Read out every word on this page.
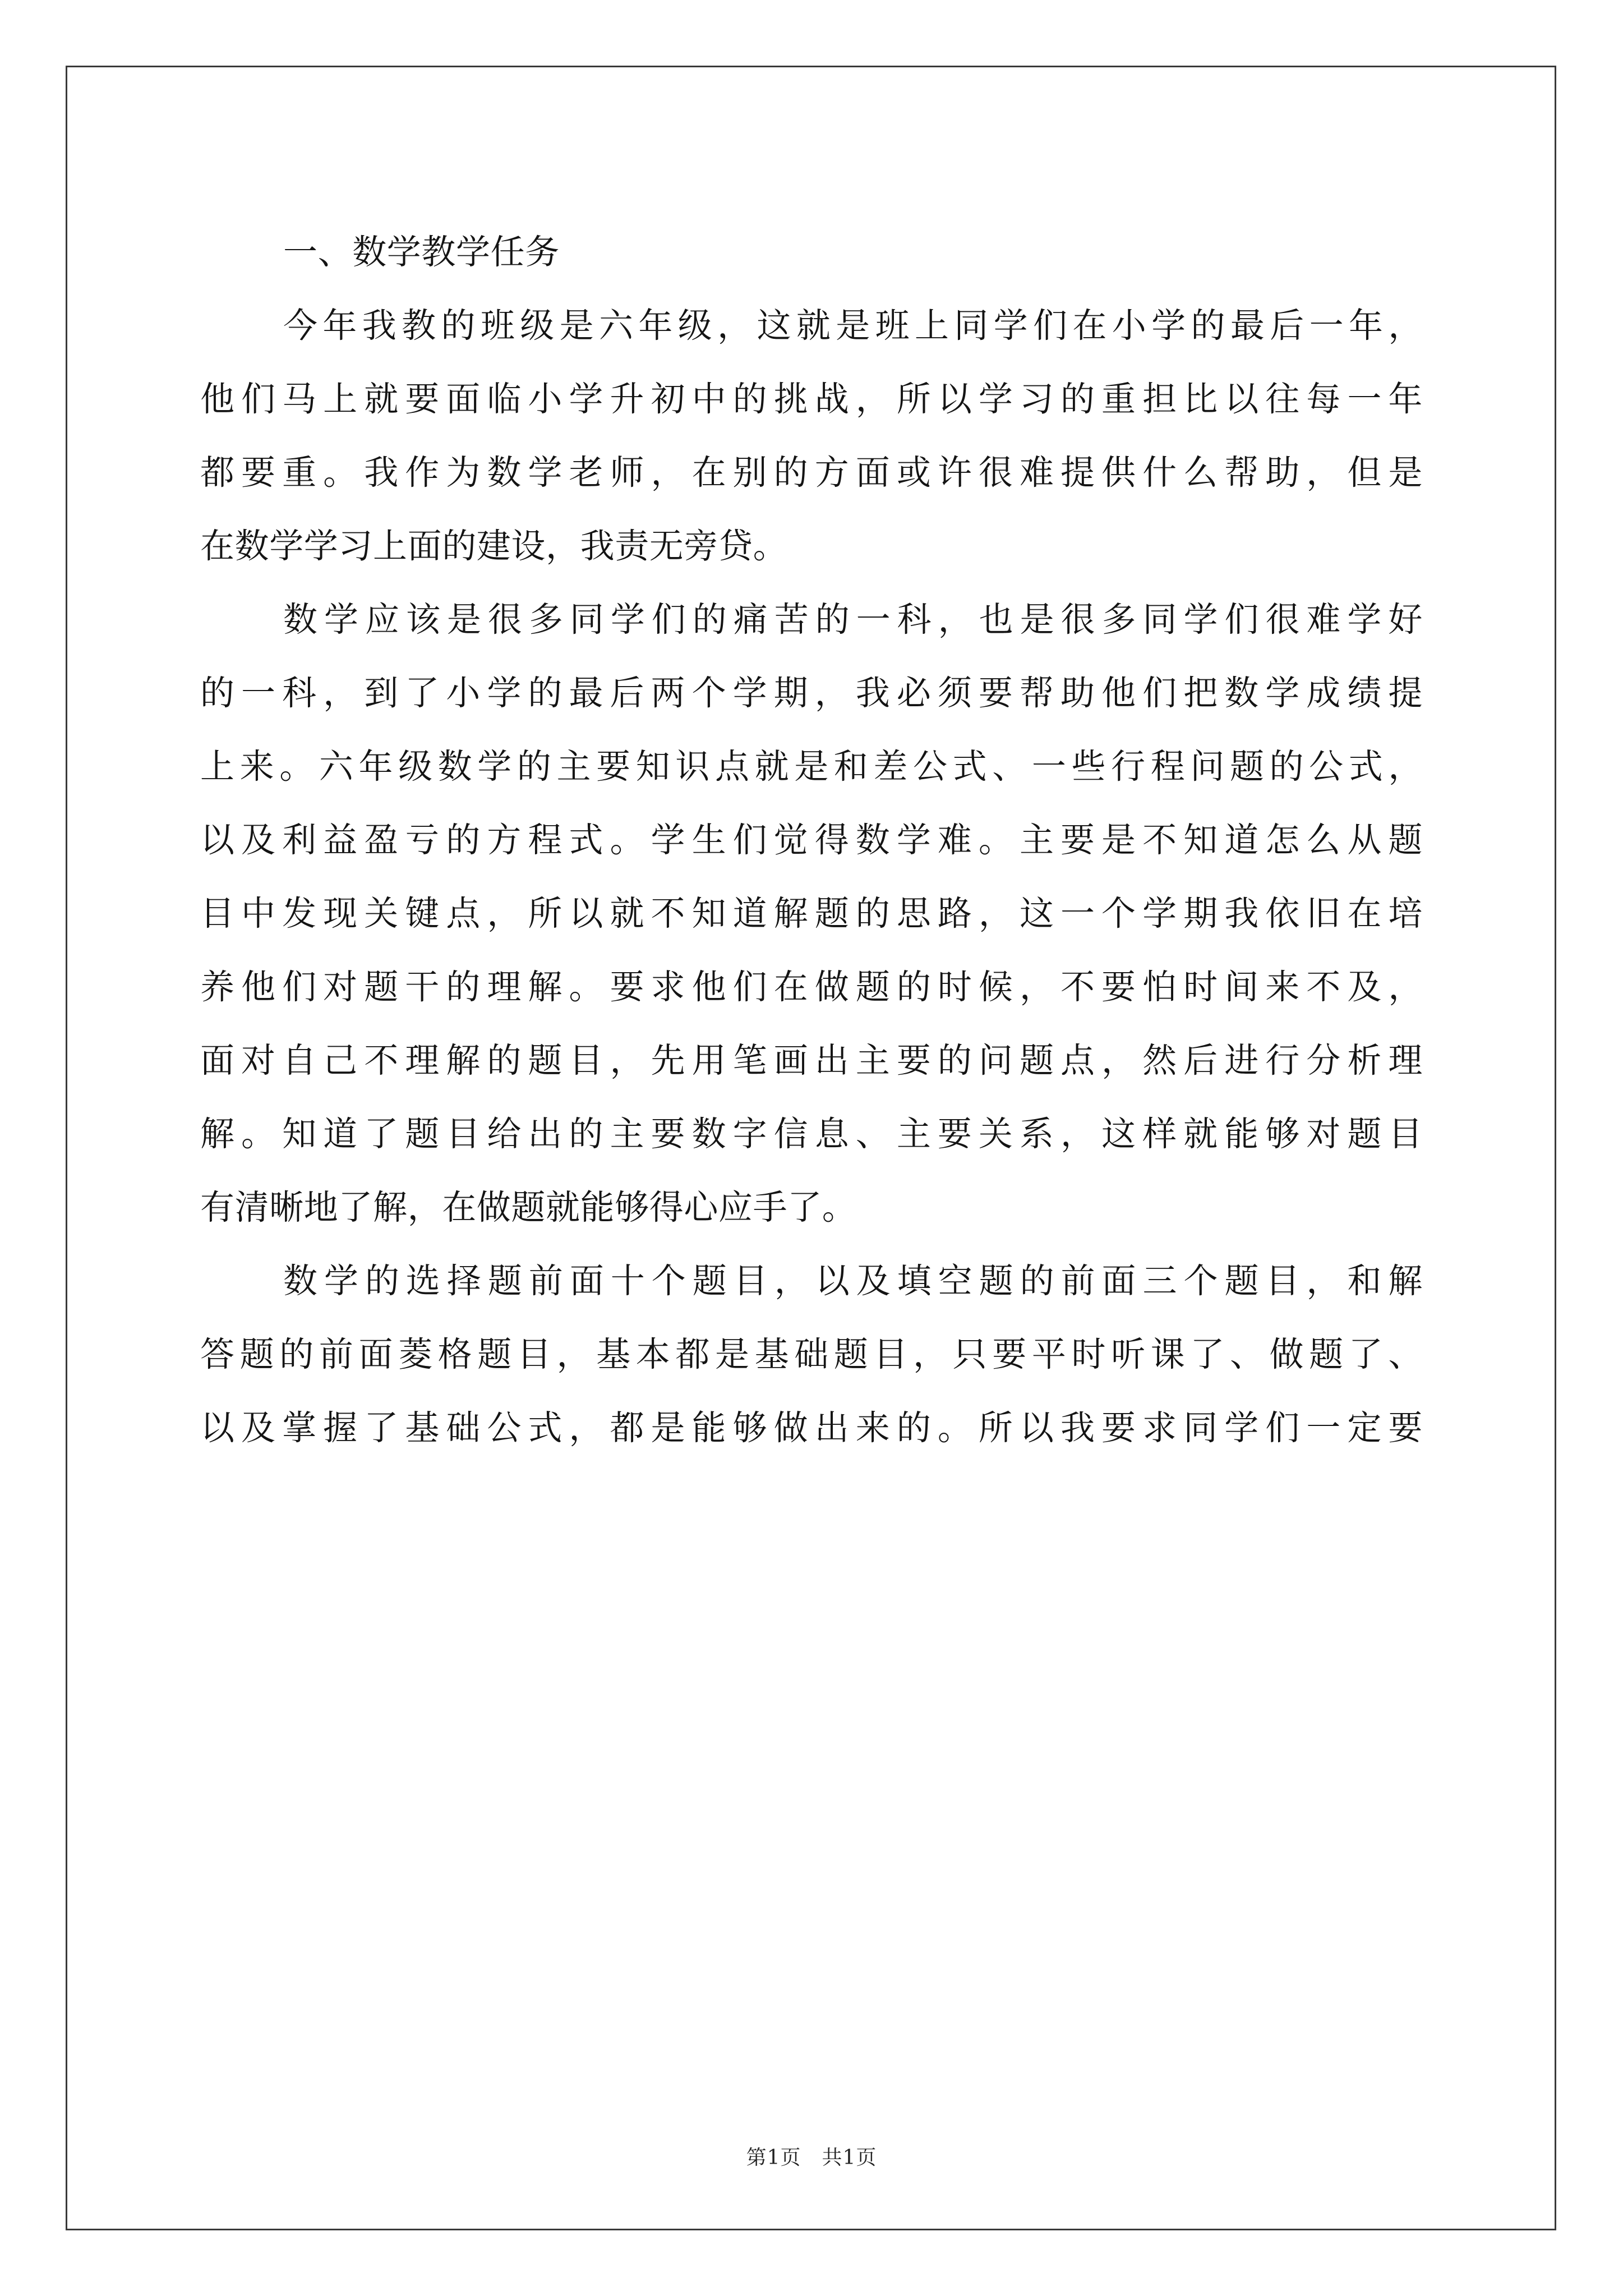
一、数学教学任务

今年我教的班级是六年级，这就是班上同学们在小学的最后一年，
他们马上就要面临小学升初中的挑战，所以学习的重担比以往每一年
都要重。我作为数学老师，在别的方面或许很难提供什么帮助，但是
在数学学习上面的建设，我责无旁贷。

数学应该是很多同学们的痛苦的一科，也是很多同学们很难学好
的一科，到了小学的最后两个学期，我必须要帮助他们把数学成绩提
上来。六年级数学的主要知识点就是和差公式、一些行程问题的公式，
以及利益盈亏的方程式。学生们觉得数学难。主要是不知道怎么从题
目中发现关键点，所以就不知道解题的思路，这一个学期我依旧在培
养他们对题干的理解。要求他们在做题的时候，不要怕时间来不及，
面对自己不理解的题目，先用笔画出主要的问题点，然后进行分析理
解。知道了题目给出的主要数字信息、主要关系，这样就能够对题目
有清晰地了解，在做题就能够得心应手了。

数学的选择题前面十个题目，以及填空题的前面三个题目，和解
答题的前面菱格题目，基本都是基础题目，只要平时听课了、做题了、
以及掌握了基础公式，都是能够做出来的。所以我要求同学们一定要

第1页　共1页
